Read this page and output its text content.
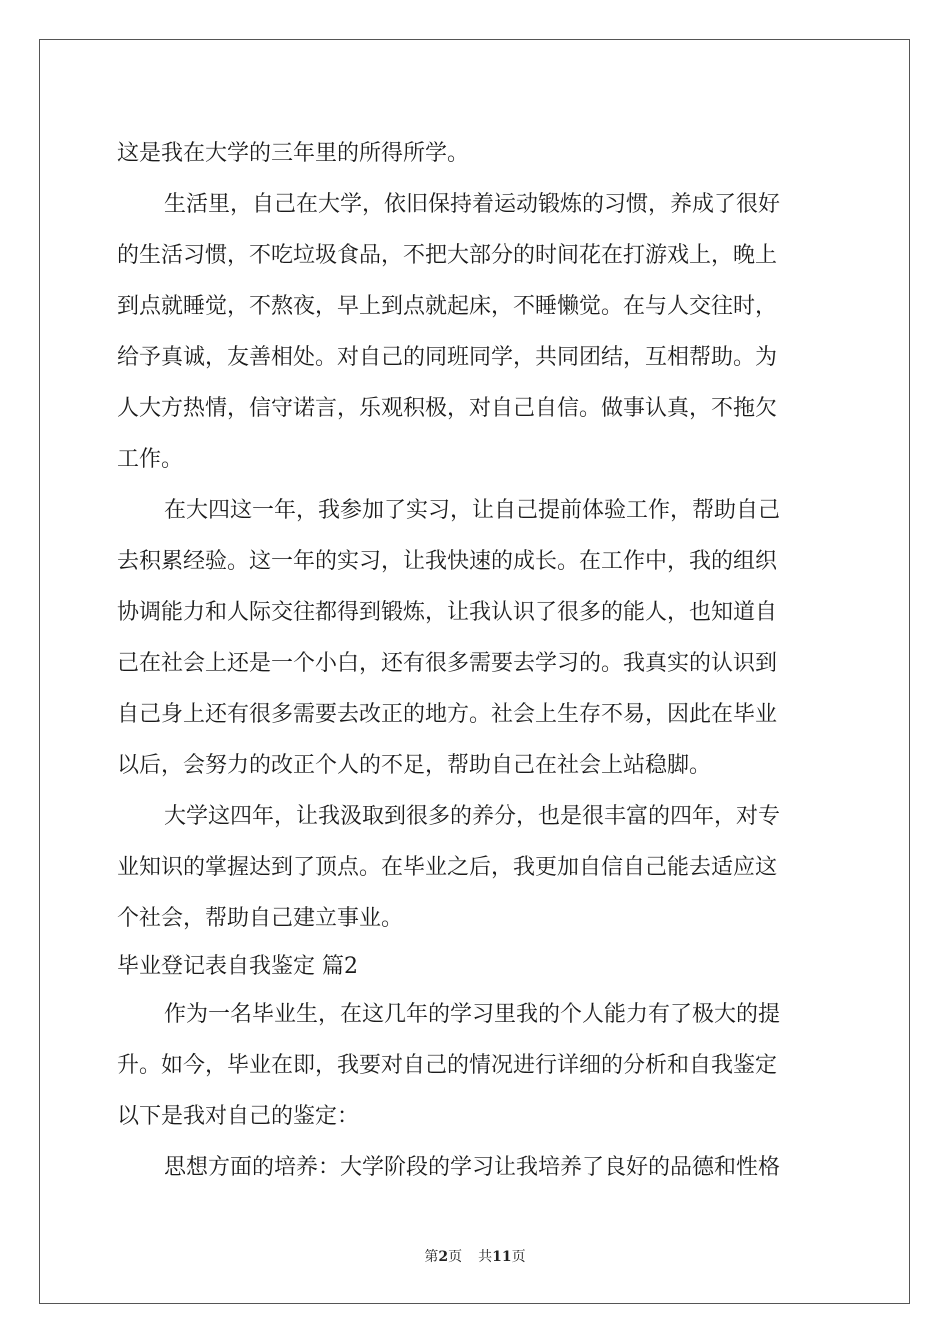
这是我在大学的三年里的所得所学。
生活里，自己在大学，依旧保持着运动锻炼的习惯，养成了很好
的生活习惯，不吃垃圾食品，不把大部分的时间花在打游戏上，晚上
到点就睡觉，不熬夜，早上到点就起床，不睡懒觉。在与人交往时，
给予真诚，友善相处。对自己的同班同学，共同团结，互相帮助。为
人大方热情，信守诺言，乐观积极，对自己自信。做事认真，不拖欠
工作。
在大四这一年，我参加了实习，让自己提前体验工作，帮助自己
去积累经验。这一年的实习，让我快速的成长。在工作中，我的组织
协调能力和人际交往都得到锻炼，让我认识了很多的能人，也知道自
己在社会上还是一个小白，还有很多需要去学习的。我真实的认识到
自己身上还有很多需要去改正的地方。社会上生存不易，因此在毕业
以后，会努力的改正个人的不足，帮助自己在社会上站稳脚。
大学这四年，让我汲取到很多的养分，也是很丰富的四年，对专
业知识的掌握达到了顶点。在毕业之后，我更加自信自己能去适应这
个社会，帮助自己建立事业。
毕业登记表自我鉴定 篇2
作为一名毕业生，在这几年的学习里我的个人能力有了极大的提
升。如今，毕业在即，我要对自己的情况进行详细的分析和自我鉴定
以下是我对自己的鉴定：
思想方面的培养：大学阶段的学习让我培养了良好的品德和性格
第2页 共11页
